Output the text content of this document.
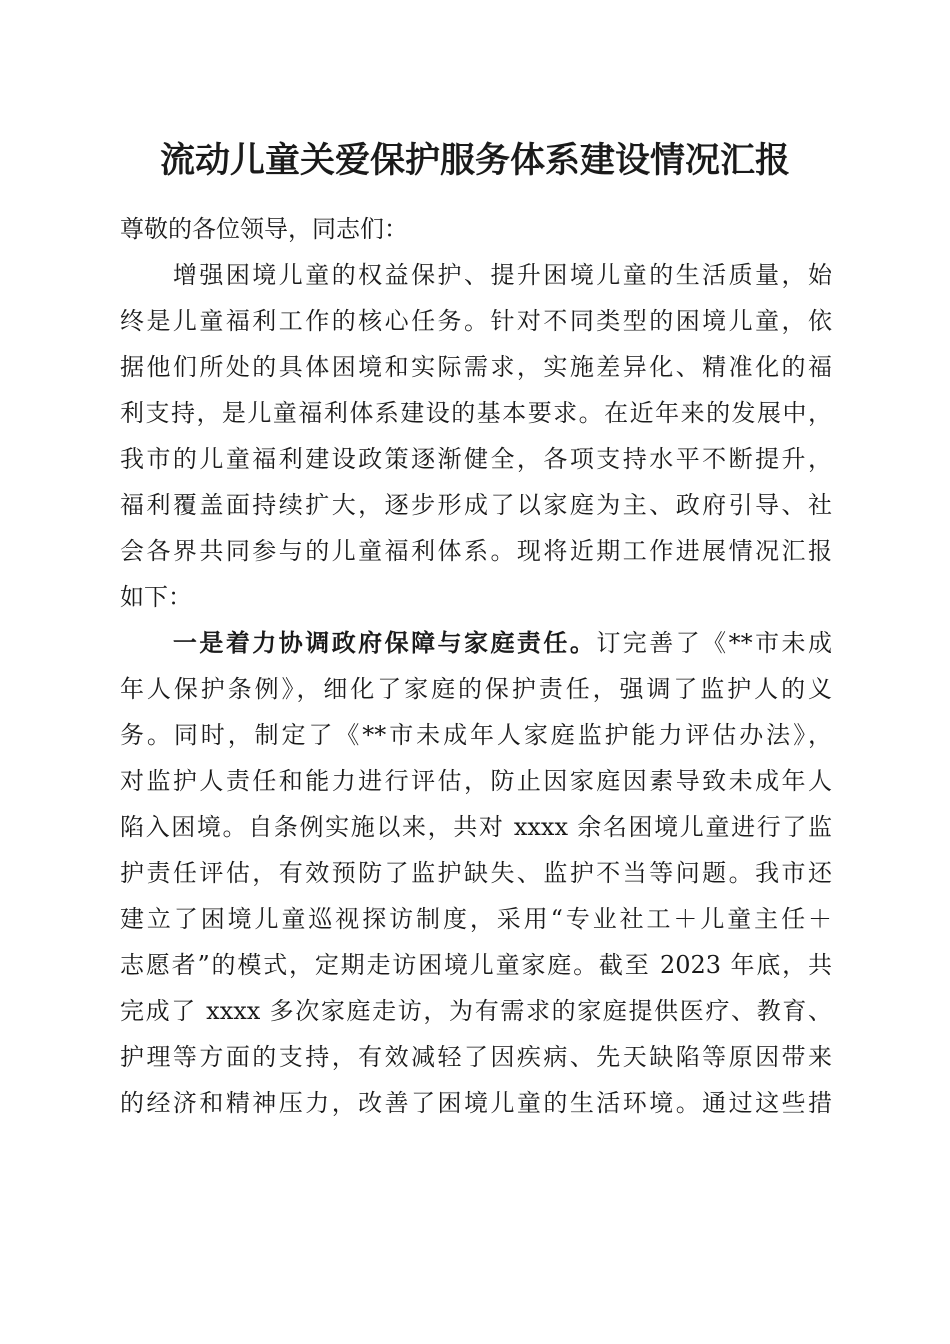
流动儿童关爱保护服务体系建设情况汇报
尊敬的各位领导，同志们：
　　增强困境儿童的权益保护、提升困境儿童的生活质量，始
终是儿童福利工作的核心任务。针对不同类型的困境儿童，依
据他们所处的具体困境和实际需求，实施差异化、精准化的福
利支持，是儿童福利体系建设的基本要求。在近年来的发展中，
我市的儿童福利建设政策逐渐健全，各项支持水平不断提升，
福利覆盖面持续扩大，逐步形成了以家庭为主、政府引导、社
会各界共同参与的儿童福利体系。现将近期工作进展情况汇报
如下：
　　一是着力协调政府保障与家庭责任。订完善了《**市未成
年人保护条例》，细化了家庭的保护责任，强调了监护人的义
务。同时，制定了《**市未成年人家庭监护能力评估办法》，
对监护人责任和能力进行评估，防止因家庭因素导致未成年人
陷入困境。自条例实施以来，共对 xxxx 余名困境儿童进行了监
护责任评估，有效预防了监护缺失、监护不当等问题。我市还
建立了困境儿童巡视探访制度，采用“专业社工＋儿童主任＋
志愿者”的模式，定期走访困境儿童家庭。截至 2023 年底，共
完成了 xxxx 多次家庭走访，为有需求的家庭提供医疗、教育、
护理等方面的支持，有效减轻了因疾病、先天缺陷等原因带来
的经济和精神压力，改善了困境儿童的生活环境。通过这些措
